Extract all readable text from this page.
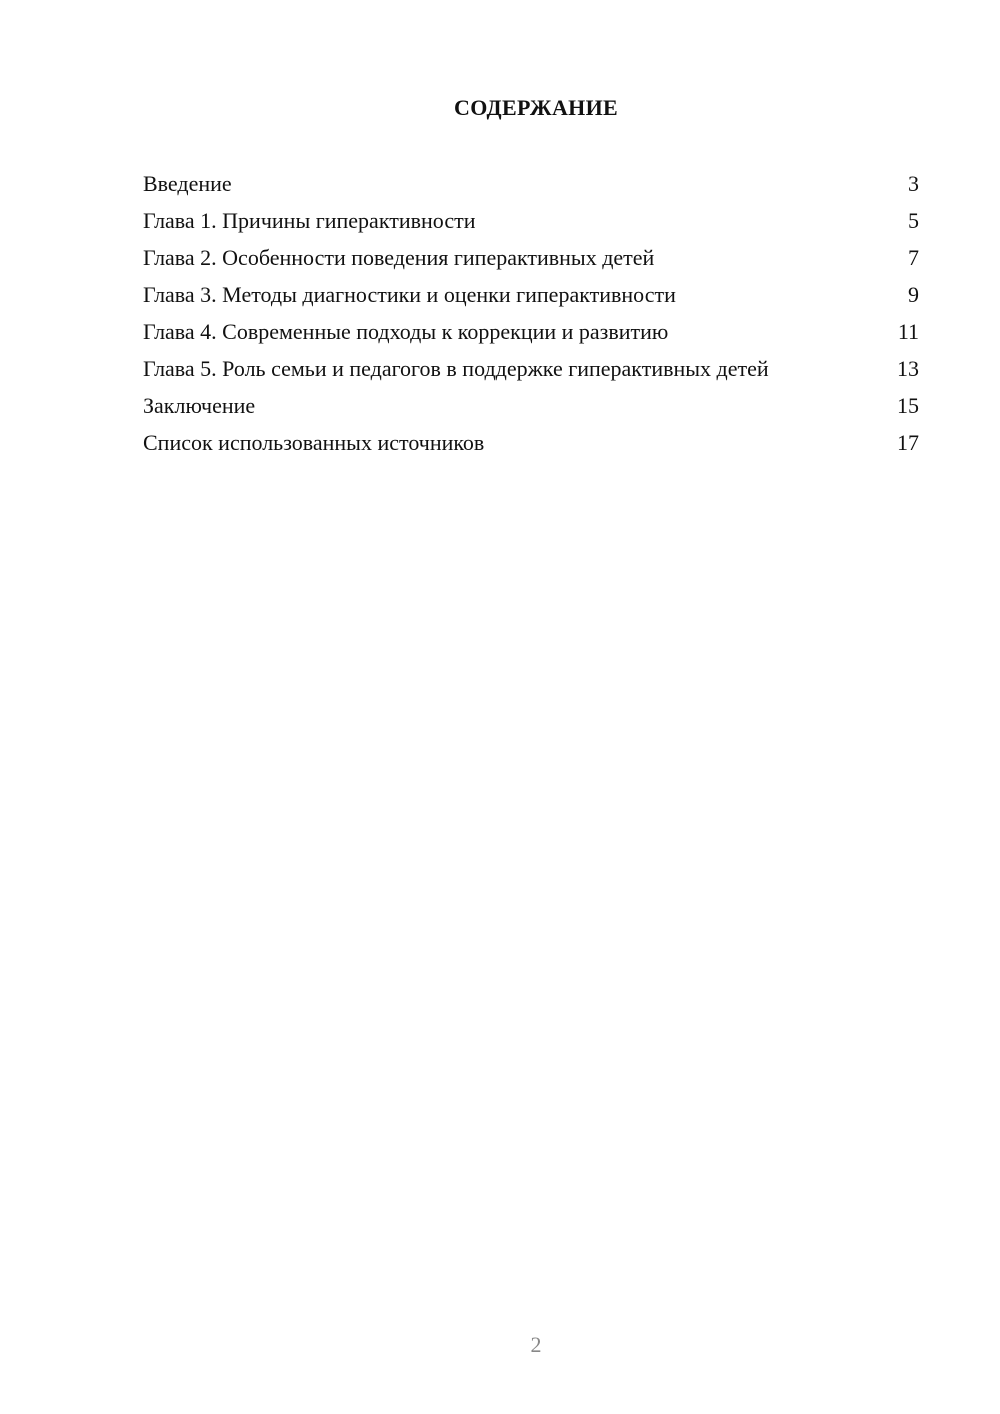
СОДЕРЖАНИЕ
Введение	3
Глава 1. Причины гиперактивности	5
Глава 2. Особенности поведения гиперактивных детей	7
Глава 3. Методы диагностики и оценки гиперактивности	9
Глава 4. Современные подходы к коррекции и развитию	11
Глава 5. Роль семьи и педагогов в поддержке гиперактивных детей	13
Заключение	15
Список использованных источников	17
2
